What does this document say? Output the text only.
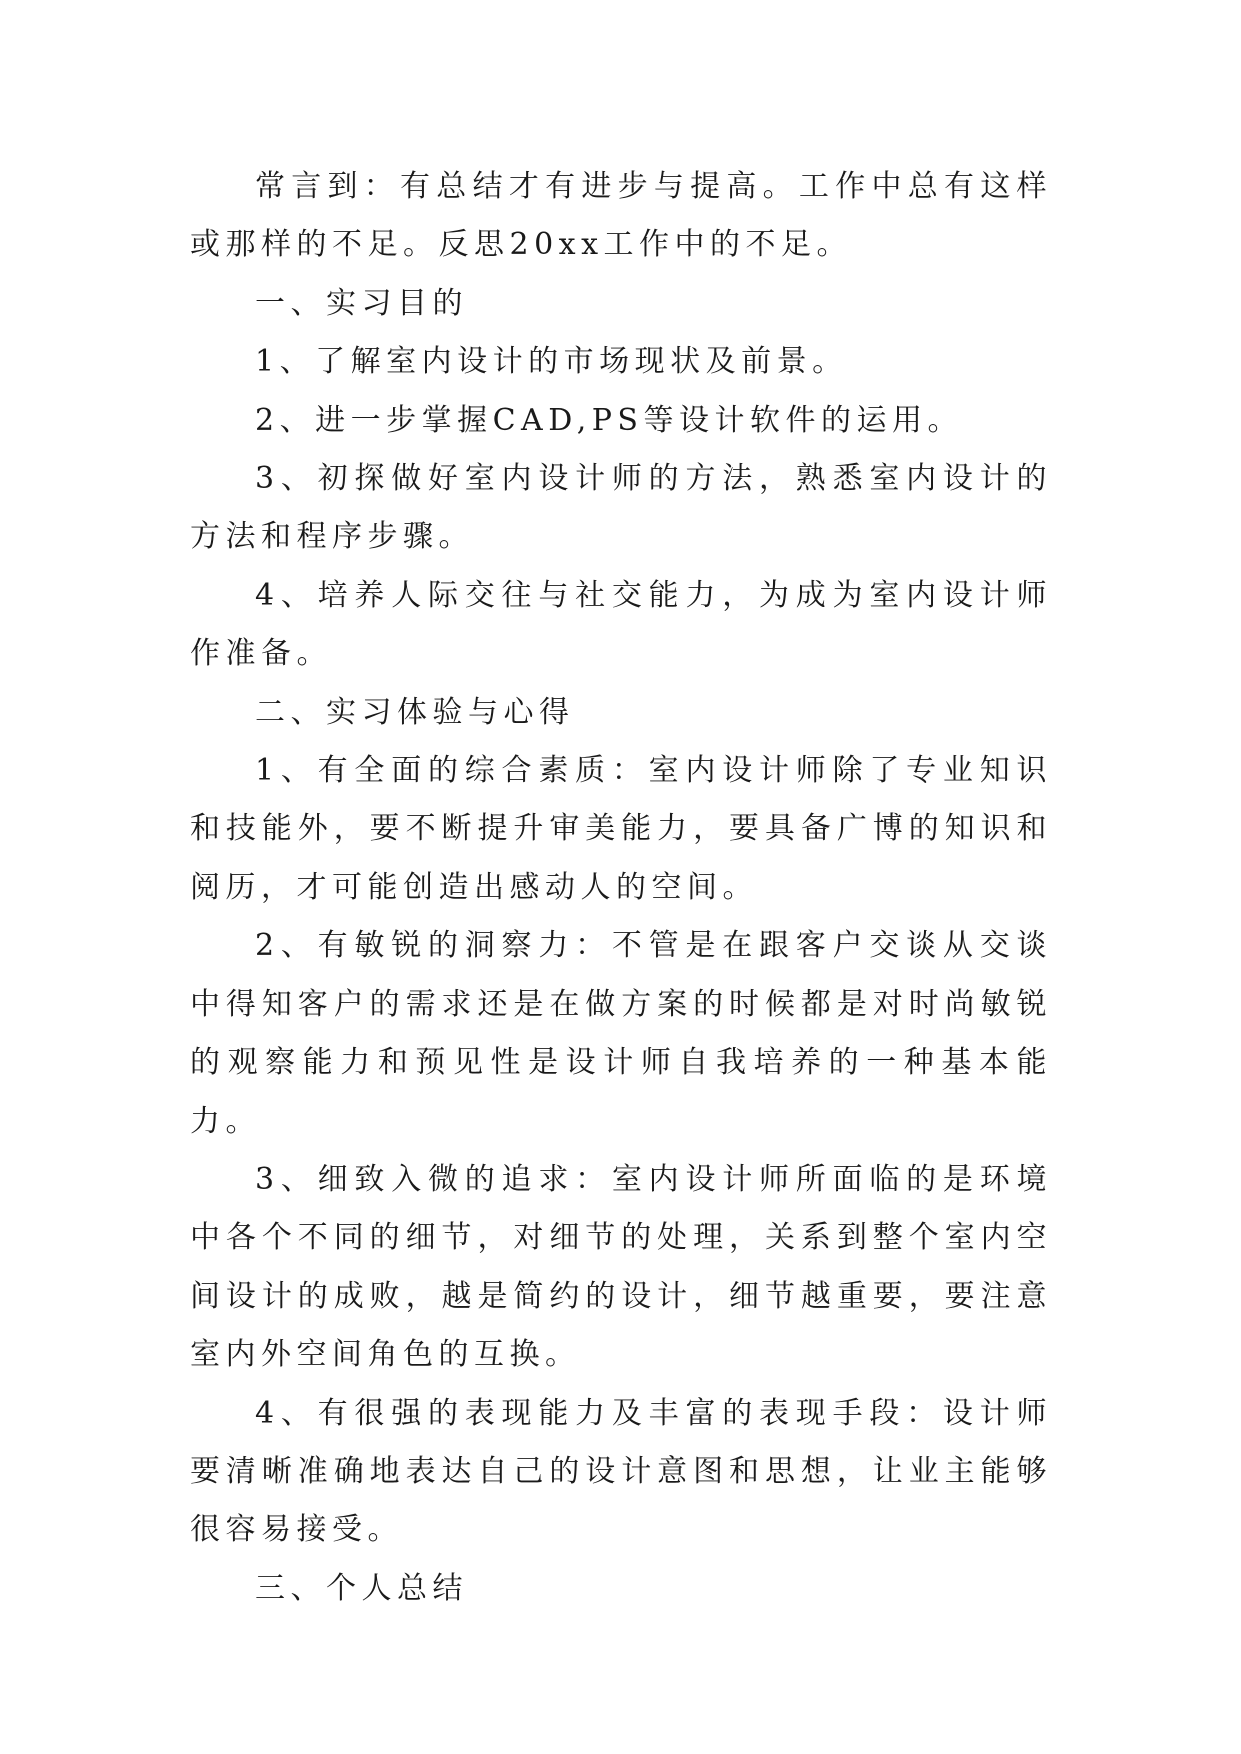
常言到：有总结才有进步与提高。工作中总有这样或那样的不足。反思20xx工作中的不足。

一、实习目的

1、了解室内设计的市场现状及前景。

2、进一步掌握CAD,PS等设计软件的运用。

3、初探做好室内设计师的方法，熟悉室内设计的方法和程序步骤。

4、培养人际交往与社交能力，为成为室内设计师作准备。

二、实习体验与心得

1、有全面的综合素质：室内设计师除了专业知识和技能外，要不断提升审美能力，要具备广博的知识和阅历，才可能创造出感动人的空间。

2、有敏锐的洞察力：不管是在跟客户交谈从交谈中得知客户的需求还是在做方案的时候都是对时尚敏锐的观察能力和预见性是设计师自我培养的一种基本能力。

3、细致入微的追求：室内设计师所面临的是环境中各个不同的细节，对细节的处理，关系到整个室内空间设计的成败，越是简约的设计，细节越重要，要注意室内外空间角色的互换。

4、有很强的表现能力及丰富的表现手段：设计师要清晰准确地表达自己的设计意图和思想，让业主能够很容易接受。

三、个人总结
